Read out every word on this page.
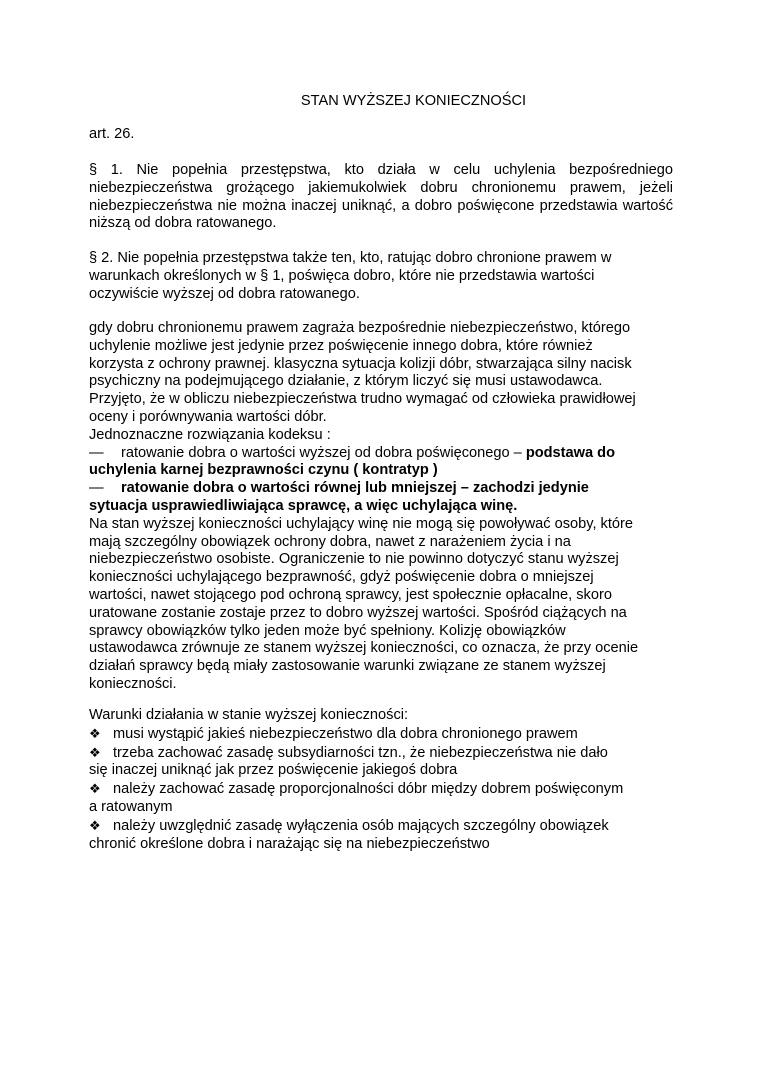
STAN WYŻSZEJ KONIECZNOŚCI
art. 26.
§ 1. Nie popełnia przestępstwa, kto działa w celu uchylenia bezpośredniego niebezpieczeństwa grożącego jakiemukolwiek dobru chronionemu prawem, jeżeli niebezpieczeństwa nie można inaczej uniknąć, a dobro poświęcone przedstawia wartość niższą od dobra ratowanego.
§ 2. Nie popełnia przestępstwa także ten, kto, ratując dobro chronione prawem w
warunkach określonych w § 1, poświęca dobro, które nie przedstawia wartości
oczywiście wyższej od dobra ratowanego.
gdy dobru chronionemu prawem zagraża bezpośrednie niebezpieczeństwo, którego
uchylenie możliwe jest jedynie przez poświęcenie innego dobra, które również
korzysta z ochrony prawnej. klasyczna sytuacja kolizji dóbr, stwarzająca silny nacisk
psychiczny na podejmującego działanie, z którym liczyć się musi ustawodawca.
Przyjęto, że w obliczu niebezpieczeństwa trudno wymagać od człowieka prawidłowej
oceny i porównywania wartości dóbr.
Jednoznaczne rozwiązania kodeksu :
— ratowanie dobra o wartości wyższej od dobra poświęconego – podstawa do
uchylenia karnej bezprawności czynu ( kontratyp )
— ratowanie dobra o wartości równej lub mniejszej – zachodzi jedynie
sytuacja usprawiedliwiająca sprawcę, a więc uchylająca winę.
Na stan wyższej konieczności uchylający winę nie mogą się powoływać osoby, które
mają szczególny obowiązek ochrony dobra, nawet z narażeniem życia i na
niebezpieczeństwo osobiste. Ograniczenie to nie powinno dotyczyć stanu wyższej
konieczności uchylającego bezprawność, gdyż poświęcenie dobra o mniejszej
wartości, nawet stojącego pod ochroną sprawcy, jest społecznie opłacalne, skoro
uratowane zostanie zostaje przez to dobro wyższej wartości. Spośród ciążących na
sprawcy obowiązków tylko jeden może być spełniony. Kolizję obowiązków
ustawodawca zrównuje ze stanem wyższej konieczności, co oznacza, że przy ocenie
działań sprawcy będą miały zastosowanie warunki związane ze stanem wyższej
konieczności.
Warunki działania w stanie wyższej konieczności:
❖ musi wystąpić jakieś niebezpieczeństwo dla dobra chronionego prawem
❖ trzeba zachować zasadę subsydiarności tzn., że niebezpieczeństwa nie dało
się inaczej uniknąć jak przez poświęcenie jakiegoś dobra
❖ należy zachować zasadę proporcjonalności dóbr między dobrem poświęconym
a ratowanym
❖ należy uwzględnić zasadę wyłączenia osób mających szczególny obowiązek
chronić określone dobra i narażając się na niebezpieczeństwo
